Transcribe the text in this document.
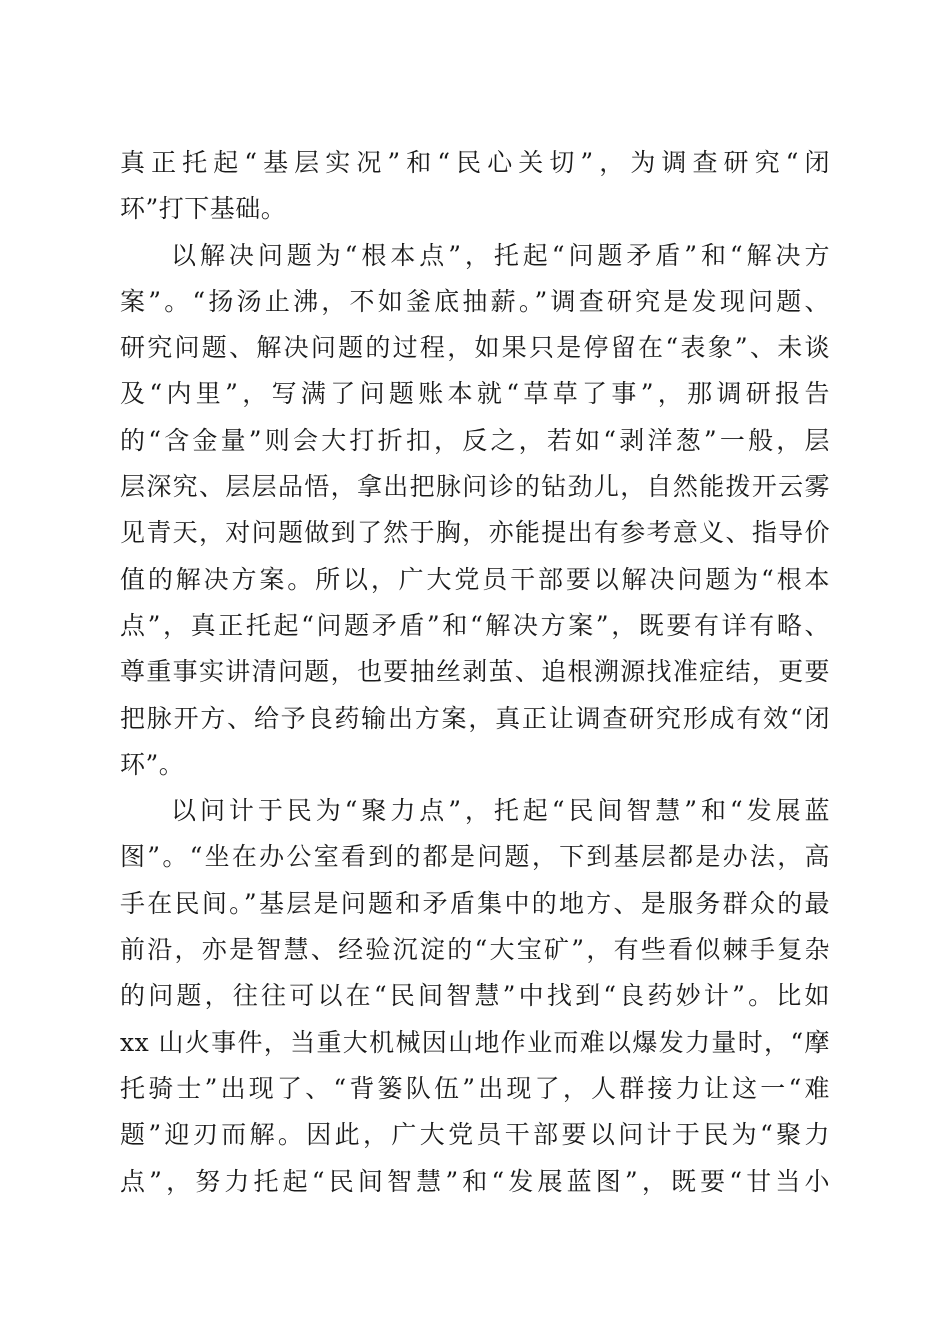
真正托起“基层实况”和“民心关切”，为调查研究“闭
环”打下基础。
以解决问题为“根本点”，托起“问题矛盾”和“解决方
案”。“扬汤止沸，不如釜底抽薪。”调查研究是发现问题、
研究问题、解决问题的过程，如果只是停留在“表象”、未谈
及“内里”，写满了问题账本就“草草了事”，那调研报告
的“含金量”则会大打折扣，反之，若如“剥洋葱”一般，层
层深究、层层品悟，拿出把脉问诊的钻劲儿，自然能拨开云雾
见青天，对问题做到了然于胸，亦能提出有参考意义、指导价
值的解决方案。所以，广大党员干部要以解决问题为“根本
点”，真正托起“问题矛盾”和“解决方案”，既要有详有略、
尊重事实讲清问题，也要抽丝剥茧、追根溯源找准症结，更要
把脉开方、给予良药输出方案，真正让调查研究形成有效“闭
环”。
以问计于民为“聚力点”，托起“民间智慧”和“发展蓝
图”。“坐在办公室看到的都是问题，下到基层都是办法，高
手在民间。”基层是问题和矛盾集中的地方、是服务群众的最
前沿，亦是智慧、经验沉淀的“大宝矿”，有些看似棘手复杂
的问题，往往可以在“民间智慧”中找到“良药妙计”。比如
xx 山火事件，当重大机械因山地作业而难以爆发力量时，“摩
托骑士”出现了、“背篓队伍”出现了，人群接力让这一“难
题”迎刃而解。因此，广大党员干部要以问计于民为“聚力
点”，努力托起“民间智慧”和“发展蓝图”，既要“甘当小
